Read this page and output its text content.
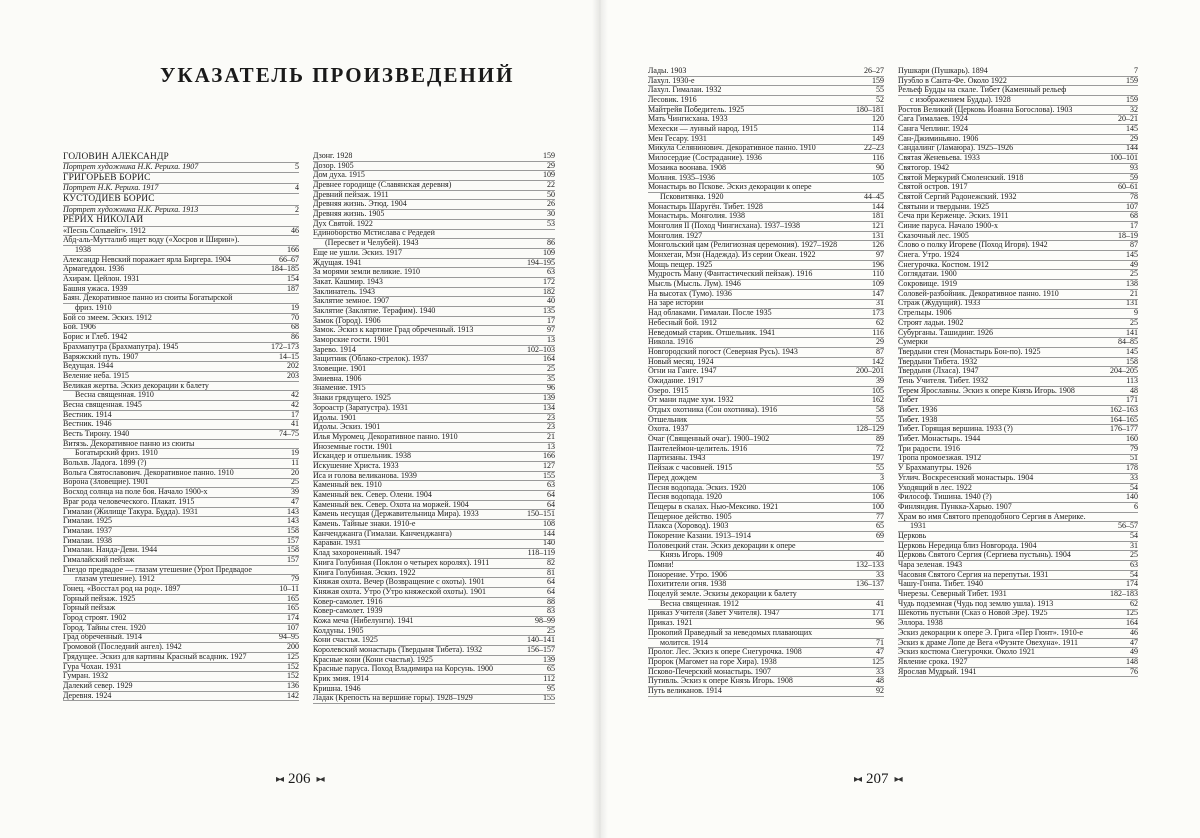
УКАЗАТЕЛЬ ПРОИЗВЕДЕНИЙ
ГОЛОВИН АЛЕКСАНДР
Портрет художника Н.К. Рериха. 1907	5
ГРИГОРЬЕВ БОРИС
Портрет Н.К. Рериха. 1917	4
КУСТОДИЕВ БОРИС
Портрет художника Н.К. Рериха. 1913	2
РЕРИХ НИКОЛАЙ
«Песнь Сольвейг». 1912	46
Абд-аль-Мутталиб ищет воду («Хосров и Ширин»).
1938	166
Александр Невский поражает ярла Биргера. 1904	66–67
Армагеддон. 1936	184–185
Ахирам. Цейлон. 1931	154
Башня ужаса. 1939	187
Баян. Декоративное панно из сюиты Богатырской
фриз. 1910	19
Бой со змеем. Эскиз. 1912	70
Бой. 1906	68
Борис и Глеб. 1942	86
Брахмапутра (Брахмапутра). 1945	172–173
Варяжский путь. 1907	14–15
Ведущая. 1944	202
Веление неба. 1915	203
Великая жертва. Эскиз декорации к балету
Весна священная. 1910	42
Весна священная. 1945	42
Вестник. 1914	17
Вестник. 1946	41
Весть Тирону. 1940	74–75
Витязь. Декоративное панно из сюиты
Богатырский фриз. 1910	19
Вольхв. Ладога. 1899 (?)	11
Вольга Святославович. Декоративное панно. 1910	20
Ворона (Зловещие). 1901	25
Восход солнца на поле боя. Начало 1900-х	39
Враг рода человеческого. Плакат. 1915	47
Гималаи (Жилище Такура. Будда). 1931	143
Гималаи. 1925	143
Гималаи. 1937	158
Гималаи. 1938	157
Гималаи. Нанда-Деви. 1944	158
Гималайский пейзаж	157
Гнездо предвадое — глазам утешение (Урол Предвадое
глазам утешение). 1912	79
Гонец. «Восстал род на род». 1897	10–11
Горный пейзаж. 1925	165
Горный пейзаж	165
Город строят. 1902	174
Город. Тайны стен. 1920	107
Град обреченный. 1914	94–95
Громовой (Последний ангел). 1942	200
Грядущее. Эскиз для картины Красный всадник. 1927	125
Гура Чохан. 1931	152
Гумран. 1932	152
Далекий север. 1929	136
Деревня. 1924	142
Дзонг. 1928	159
Дозор. 1905	29
Дом духа. 1915	109
Древнее городище (Славянская деревня)	22
Древний пейзаж. 1911	50
Древняя жизнь. Этюд. 1904	26
Древняя жизнь. 1905	30
Дух Святой. 1922	53
Единоборство Мстислава с Редедей
(Пересвет и Челубей). 1943	86
Еще не ушли. Эскиз. 1917	109
Ждущая. 1941	194–195
За морями земли великие. 1910	63
Закат. Кашмир. 1943	172
Заклинатель. 1943	182
Заклятие земное. 1907	40
Заклятие (Заклятие. Терафим). 1940	135
Замок (Город). 1906	17
Замок. Эскиз к картине Град обреченный. 1913	97
Заморские гости. 1901	13
Зарево. 1914	102–103
Защитник (Облако-стрелок). 1937	164
Зловещие. 1901	25
Змиевна. 1906	35
Знамение. 1915	96
Знаки грядущего. 1925	139
Зороастр (Заратустра). 1931	134
Идолы. 1901	23
Идолы. Эскиз. 1901	23
Илья Муромец. Декоративное панно. 1910	21
Иноземные гости. 1901	13
Искандер и отшельник. 1938	166
Искушение Христа. 1933	127
Иса и голова великанова. 1939	155
Каменный век. 1910	63
Каменный век. Север. Олени. 1904	64
Каменный век. Север. Охота на моржей. 1904	64
Камень несущая (Державительница Мира). 1933	150–151
Камень. Тайные знаки. 1910-е	108
Канченджанга (Гималаи. Канченджанга)	144
Караван. 1931	140
Клад захороненный. 1947	118–119
Книга Голубиная (Поклон о четырех королях). 1911	82
Книга Голубиная. Эскиз. 1922	81
Княжая охота. Вечер (Возвращение с охоты). 1901	64
Княжая охота. Утро (Утро княжеской охоты). 1901	64
Ковер-самолет. 1916	88
Ковер-самолет. 1939	83
Кожа меча (Нибелунги). 1941	98–99
Колдуны. 1905	25
Кони счастья. 1925	140–141
Королевский монастырь (Твердыня Тибета). 1932	156–157
Красные кони (Кони счастья). 1925	139
Красные паруса. Поход Владимира на Корсунь. 1900	65
Крик змия. 1914	112
Кришна. 1946	95
Ладак (Крепость на вершине горы). 1928–1929	155
▸◂ 206 ▸◂
Лады. 1903	26–27
Лахул. 1930-е	159
Лахул. Гималаи. 1932	55
Лесовик. 1916	52
Майтрейя Победитель. 1925	180–181
Мать Чингисхана. 1933	120
Мехески — лунный народ. 1915	114
Мен Гесару. 1931	149
Микула Селянинович. Декоративное панно. 1910	22–23
Милосердие (Сострадание). 1936	116
Мозаика воонава. 1908	90
Молния. 1935–1936	105
Монастырь во Пскове. Эскиз декорации к опере
Псковитянка. 1920	44–45
Монастырь Шаругён. Тибет. 1928	144
Монастырь. Монголия. 1938	181
Монголия II (Поход Чингисхана). 1937–1938	121
Монголия. 1927	131
Монгольский цам (Религиозная церемония). 1927–1928	126
Монхеган, Мэн (Надежда). Из серии Океан. 1922	97
Мощь пещер. 1925	196
Мудрость Ману (Фантастический пейзаж). 1916	110
Мысль (Мысль. Лум). 1946	109
На высотах (Тумо). 1936	147
На заре истории	31
Над облаками. Гималаи. После 1935	173
Небесный бой. 1912	62
Неведомый старик. Отшельник. 1941	116
Никола. 1916	29
Новгородский погост (Северная Русь). 1943	87
Новый месяц. 1924	142
Огни на Ганге. 1947	200–201
Ожидание. 1917	39
Озеро. 1915	105
От мани падме хум. 1932	162
Отдых охотника (Сон охотника). 1916	58
Отшельник	55
Охота. 1937	128–129
Очаг (Священный очаг). 1900–1902	89
Пантелеймон-целитель. 1916	72
Партизаны. 1943	197
Пейзаж с часовней. 1915	55
Перед дождем	3
Песня водопада. Эскиз. 1920	106
Песня водопада. 1920	106
Пещеры в скалах. Нью-Мексико. 1921	100
Пещерное действо. 1905	77
Плакса (Хоровод). 1903	65
Покорение Казани. 1913–1914	69
Половецкий стан. Эскиз декорации к опере
Князь Игорь. 1909	40
Помни!	132–133
Понорение. Утро. 1906	33
Похитители огня. 1938	136–137
Поцелуй земле. Эскизы декорации к балету
Весна священная. 1912	41
Приказ Учителя (Завет Учителя). 1947	171
Приказ. 1921	96
Прокопий Праведный за неведомых плавающих
молится. 1914	71
Пролог. Лес. Эскиз к опере Снегурочка. 1908	47
Пророк (Магомет на горе Хира). 1938	125
Псково-Печерский монастырь. 1907	33
Путивль. Эскиз к опере Князь Игорь. 1908	48
Путь великанов. 1914	92
Пушкари (Пушкарь). 1894	7
Пуэбло в Санта-Фе. Около 1922	159
Рельеф Будды на скале. Тибет (Каменный рельеф
с изображением Будды). 1928	159
Ростов Великий (Церковь Иоанна Богослова). 1903	32
Сага Гималаев. 1924	20–21
Санга Чеплинг. 1924	145
Сан-Джиминьяно. 1906	29
Сандалинг (Ламаюра). 1925–1926	144
Святая Женевьева. 1933	100–101
Святогор. 1942	93
Святой Меркурий Смоленский. 1918	59
Святой остров. 1917	60–61
Святой Сергий Радонежский. 1932	78
Святыни и твердыни. 1925	107
Сеча при Керженце. Эскиз. 1911	68
Синие паруса. Начало 1900-х	17
Сказочный лес. 1905	18–19
Слово о полку Игореве (Поход Игоря). 1942	87
Снега. Утро. 1924	145
Снегурочка. Костюм. 1912	49
Соглядатаи. 1900	25
Сокровище. 1919	138
Соловей-разбойник. Декоративное панно. 1910	21
Страж (Жудущий). 1933	131
Стрельцы. 1906	9
Строят ладьи. 1902	25
Субурганы. Ташидинг. 1926	141
Сумерки	84–85
Твердыни стен (Монастырь Бон-по). 1925	145
Твердыни Тибета. 1932	158
Твердыня (Лхаса). 1947	204–205
Тень Учителя. Тибет. 1932	113
Терем Ярославны. Эскиз к опере Князь Игорь. 1908	48
Тибет	171
Тибет. 1936	162–163
Тибет. 1938	164–165
Тибет. Горящая вершина. 1933 (?)	176–177
Тибет. Монастырь. 1944	160
Три радости. 1916	79
Тропа промоезжая. 1912	51
У Брахмапутры. 1926	178
Углич. Воскресенский монастырь. 1904	33
Уходящий в лес. 1922	54
Философ. Тишина. 1940 (?)	140
Финляндия. Пункка-Харью. 1907	6
Храм во имя Святого преподобного Сергия в Америке.
1931	56–57
Церковь	54
Церковь Нередица близ Новгорода. 1904	31
Церковь Святого Сергия (Сергиева пустынь). 1904	25
Чара зеленая. 1943	63
Часовня Святого Сергия на перепутьи. 1931	54
Чашу-Гонпа. Тибет. 1940	174
Чнерезы. Северный Тибет. 1931	182–183
Чудь подземная (Чудь под землю ушла). 1913	62
Шекотиь пустыни (Сказ о Новой Эре). 1925	125
Эллора. 1938	164
Эскиз декорации к опере Э. Грига «Пер Гюнт». 1910-е	46
Эскиз к драме Лопе де Вега «Фуэнте Овехуна». 1911	47
Эскиз костюма Снегурочки. Около 1921	49
Явление срока. 1927	148
Ярослав Мудрый. 1941	76
▸◂ 207 ▸◂
